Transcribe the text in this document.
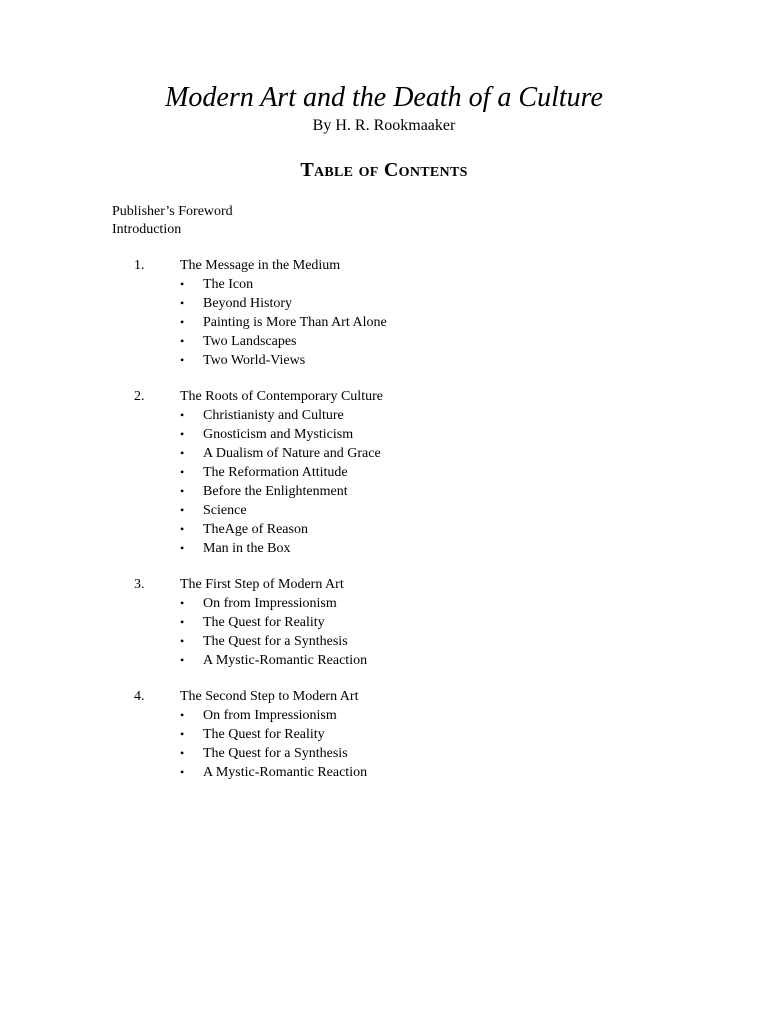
Modern Art and the Death of a Culture
By H. R. Rookmaaker
Table of Contents
Publisher’s Foreword
Introduction
1.	The Message in the Medium
•	The Icon
•	Beyond History
•	Painting is More Than Art Alone
•	Two Landscapes
•	Two World-Views
2.	The Roots of Contemporary Culture
•	Christianisty and Culture
•	Gnosticism and Mysticism
•	A Dualism of Nature and Grace
•	The Reformation Attitude
•	Before the Enlightenment
•	Science
•	TheAge of Reason
•	Man in the Box
3.	The First Step of Modern Art
•	On from Impressionism
•	The Quest for Reality
•	The Quest for a Synthesis
•	A Mystic-Romantic Reaction
4.	The Second Step to Modern Art
•	On from Impressionism
•	The Quest for Reality
•	The Quest for a Synthesis
•	A Mystic-Romantic Reaction
